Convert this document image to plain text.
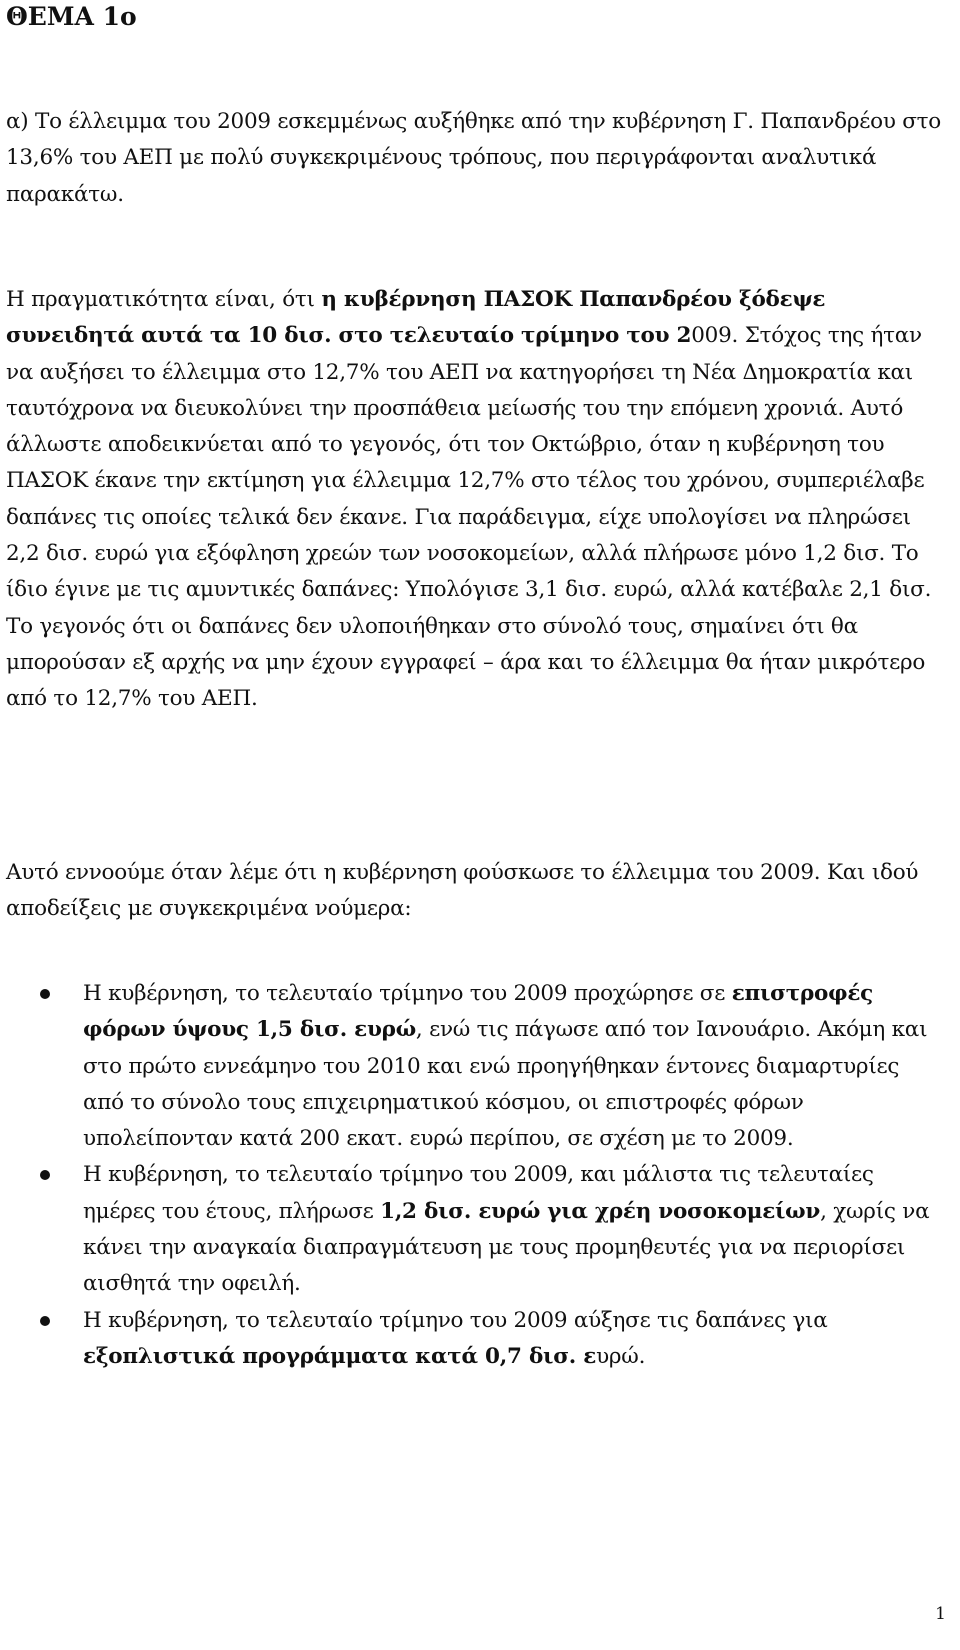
ΘΕΜΑ 1ο

α) Το έλλειμμα του 2009 εσκεμμένως αυξήθηκε από την κυβέρνηση Γ. Παπανδρέου στο 13,6% του ΑΕΠ με πολύ συγκεκριμένους τρόπους, που περιγράφονται αναλυτικά παρακάτω.

Η πραγματικότητα είναι, ότι η κυβέρνηση ΠΑΣΟΚ Παπανδρέου ξόδεψε συνειδητά αυτά τα 10 δισ. στο τελευταίο τρίμηνο του 2009. Στόχος της ήταν να αυξήσει το έλλειμμα στο 12,7% του ΑΕΠ να κατηγορήσει τη Νέα Δημοκρατία και ταυτόχρονα να διευκολύνει την προσπάθεια μείωσής του την επόμενη χρονιά. Αυτό άλλωστε αποδεικνύεται από το γεγονός, ότι τον Οκτώβριο, όταν η κυβέρνηση του ΠΑΣΟΚ έκανε την εκτίμηση για έλλειμμα 12,7% στο τέλος του χρόνου, συμπεριέλαβε δαπάνες τις οποίες τελικά δεν έκανε. Για παράδειγμα, είχε υπολογίσει να πληρώσει 2,2 δισ. ευρώ για εξόφληση χρεών των νοσοκομείων, αλλά πλήρωσε μόνο 1,2 δισ. Το ίδιο έγινε με τις αμυντικές δαπάνες: Υπολόγισε 3,1 δισ. ευρώ, αλλά κατέβαλε 2,1 δισ. Το γεγονός ότι οι δαπάνες δεν υλοποιήθηκαν στο σύνολό τους, σημαίνει ότι θα μπορούσαν εξ αρχής να μην έχουν εγγραφεί – άρα και το έλλειμμα θα ήταν μικρότερο από το 12,7% του ΑΕΠ.

Αυτό εννοούμε όταν λέμε ότι η κυβέρνηση φούσκωσε το έλλειμμα του 2009. Και ιδού αποδείξεις με συγκεκριμένα νούμερα:

Η κυβέρνηση, το τελευταίο τρίμηνο του 2009 προχώρησε σε επιστροφές φόρων ύψους 1,5 δισ. ευρώ, ενώ τις πάγωσε από τον Ιανουάριο. Ακόμη και στο πρώτο εννεάμηνο του 2010 και ενώ προηγήθηκαν έντονες διαμαρτυρίες από το σύνολο τους επιχειρηματικού κόσμου, οι επιστροφές φόρων υπολείπονταν κατά 200 εκατ. ευρώ περίπου, σε σχέση με το 2009.
Η κυβέρνηση, το τελευταίο τρίμηνο του 2009, και μάλιστα τις τελευταίες ημέρες του έτους, πλήρωσε 1,2 δισ. ευρώ για χρέη νοσοκομείων, χωρίς να κάνει την αναγκαία διαπραγμάτευση με τους προμηθευτές για να περιορίσει αισθητά την οφειλή.
Η κυβέρνηση, το τελευταίο τρίμηνο του 2009 αύξησε τις δαπάνες για εξοπλιστικά προγράμματα κατά 0,7 δισ. ευρώ.
1
